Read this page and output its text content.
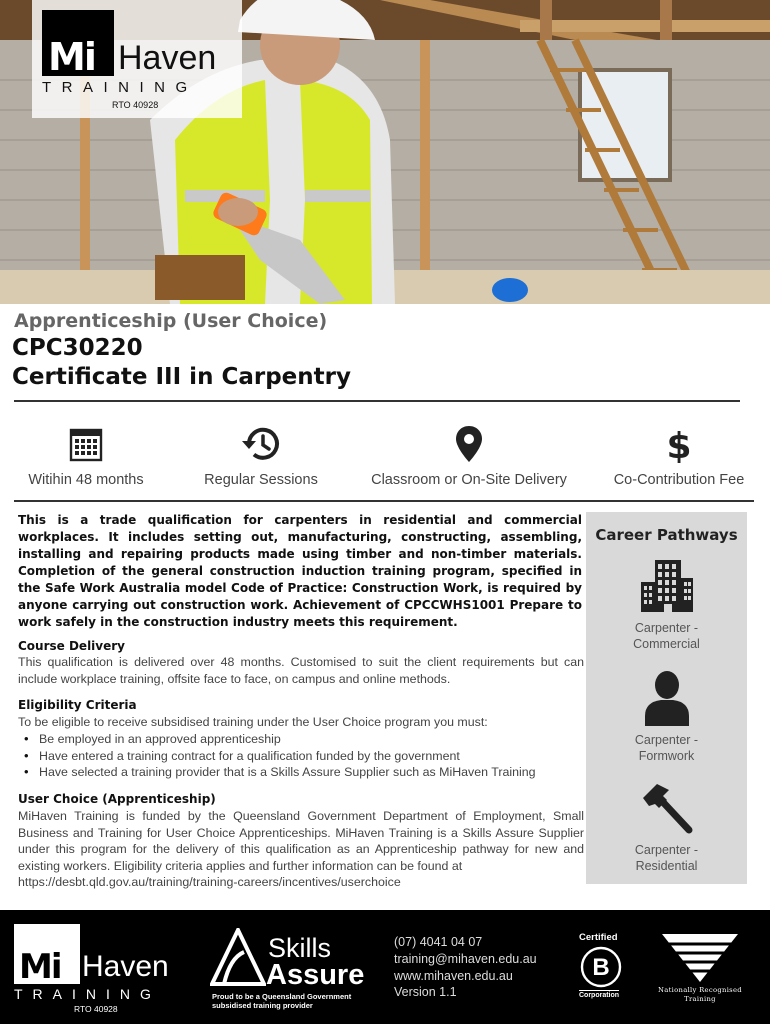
Mi Haven
TRAINING
RTO 40928
Apprenticeship (User Choice)
CPC30220
Certificate III in Carpentry
Witihin 48 months	Regular Sessions	Classroom or On-Site Delivery
$
Co-Contribution Fee
This is a trade qualification for carpenters in residential and commercial workplaces. It includes setting out, manufacturing, constructing, assembling, installing and repairing products made using timber and non-timber materials. Completion of the general construction induction training program, specified in the Safe Work Australia model Code of Practice: Construction Work, is required by anyone carrying out construction work. Achievement of CPCCWHS1001 Prepare to work safely in the construction industry meets this requirement.
Course Delivery
This qualification is delivered over 48 months. Customised to suit the client requirements but can include workplace training, offsite face to face, on campus and online methods.
Eligibility Criteria
To be eligible to receive subsidised training under the User Choice program you must:
• Be employed in an approved apprenticeship
• Have entered a training contract for a qualification funded by the government
• Have selected a training provider that is a Skills Assure Supplier such as MiHaven Training
User Choice (Apprenticeship)
MiHaven Training is funded by the Queensland Government Department of Employment, Small Business and Training for User Choice Apprenticeships. MiHaven Training is a Skills Assure Supplier under this program for the delivery of this qualification as an Apprenticeship pathway for new and existing workers. Eligibility criteria applies and further information can be found at
https://desbt.qld.gov.au/training/training-careers/incentives/userchoice
Career Pathways
Carpenter -
Commercial
Carpenter -
Formwork
Carpenter -
Residential
Mi Haven
TRAINING
RTO 40928
Skills
Assure
Proud to be a Queensland Government subsidised training provider
(07) 4041 04 07
training@mihaven.edu.au
www.mihaven.edu.au
Version 1.1
Certified
B
Corporation
Nationally Recognised Training
